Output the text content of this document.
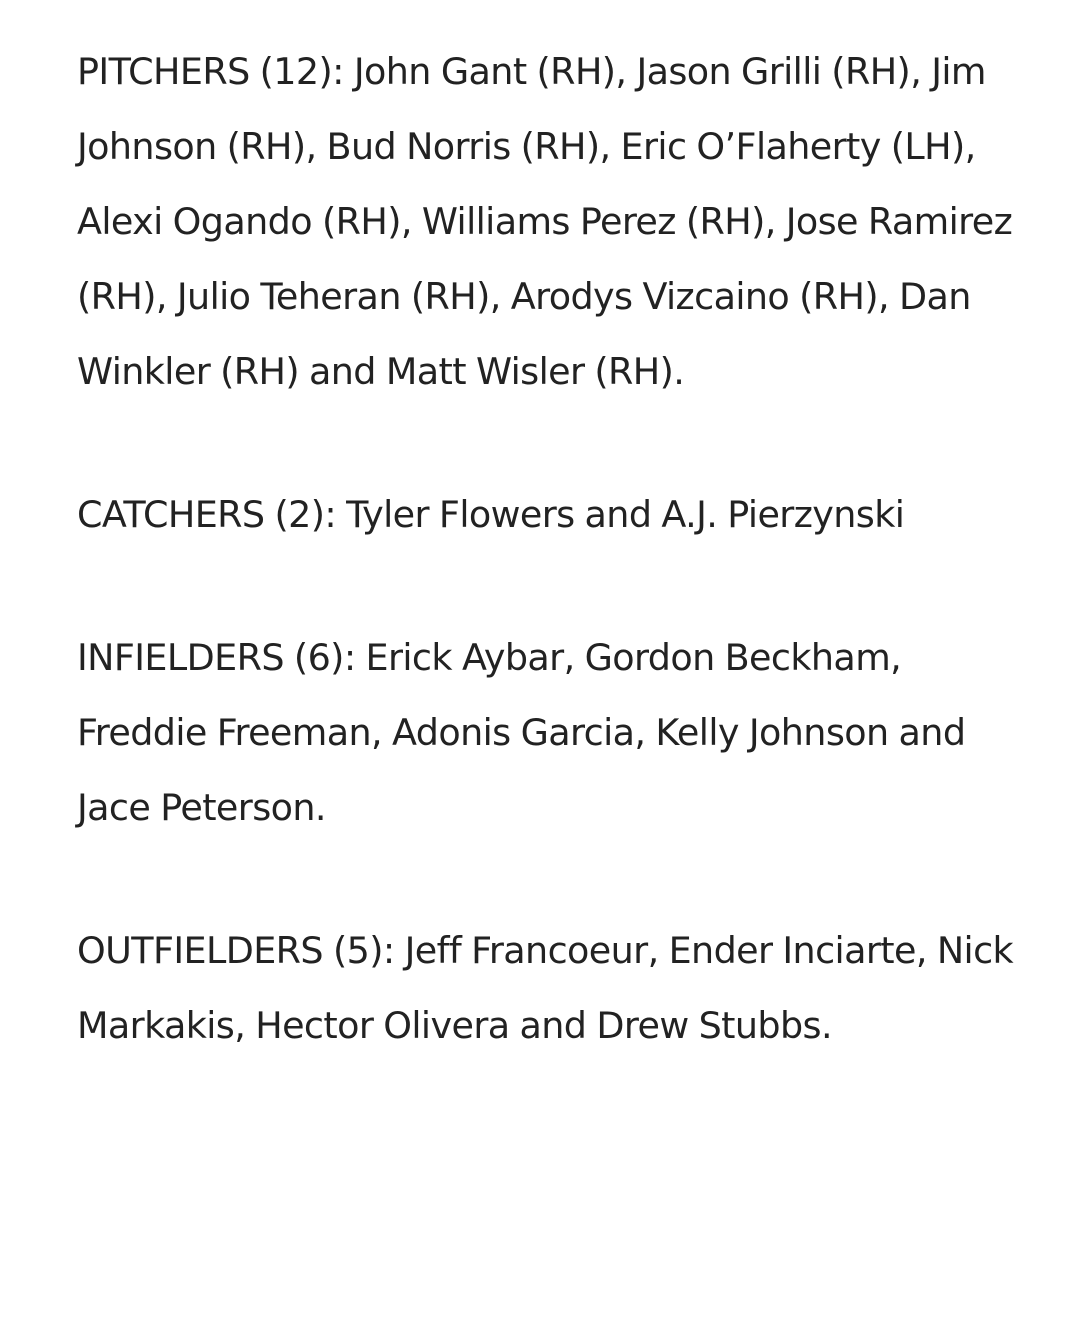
PITCHERS (12): John Gant (RH), Jason Grilli (RH), Jim Johnson (RH), Bud Norris (RH), Eric O’Flaherty (LH), Alexi Ogando (RH), Williams Perez (RH), Jose Ramirez (RH), Julio Teheran (RH), Arodys Vizcaino (RH), Dan Winkler (RH) and Matt Wisler (RH).

CATCHERS (2): Tyler Flowers and A.J. Pierzynski

INFIELDERS (6): Erick Aybar, Gordon Beckham, Freddie Freeman, Adonis Garcia, Kelly Johnson and Jace Peterson.

OUTFIELDERS (5): Jeff Francoeur, Ender Inciarte, Nick Markakis, Hector Olivera and Drew Stubbs.
